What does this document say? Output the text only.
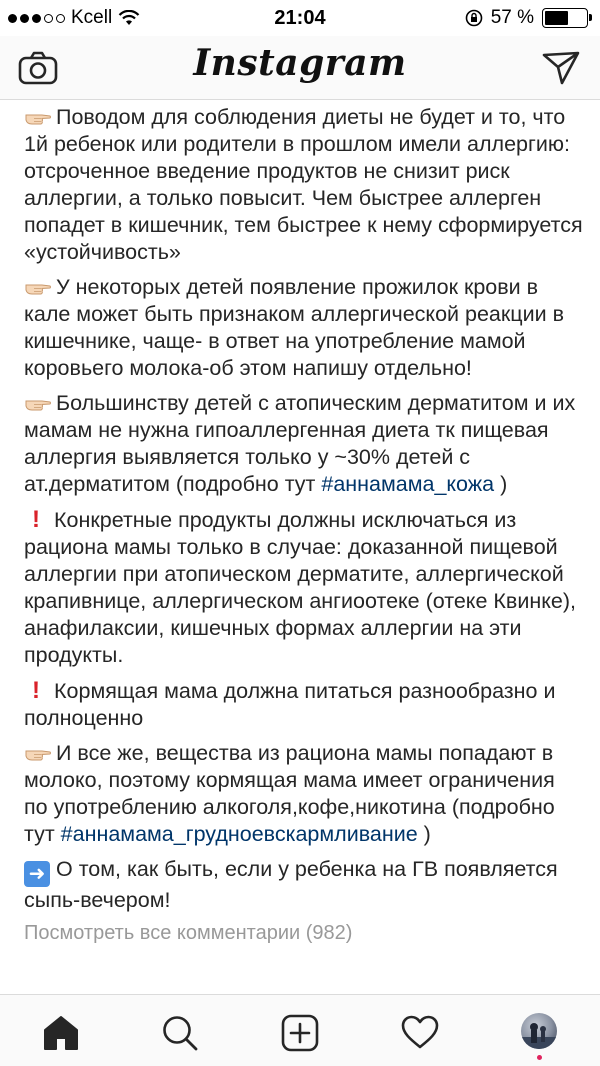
Kcell	21:04	57 %
Instagram
Поводом для соблюдения диеты не будет и то, что 1й ребенок или родители в прошлом имели аллергию: отсроченное введение продуктов не снизит риск аллергии, а только повысит. Чем быстрее аллерген попадет в кишечник, тем быстрее к нему сформируется «устойчивость»
У некоторых детей появление прожилок крови в кале может быть признаком аллергической реакции в кишечнике, чаще- в ответ на употребление мамой коровьего молока-об этом напишу отдельно!
Большинству детей с атопическим дерматитом и их мамам не нужна гипоаллергенная диета тк пищевая аллергия выявляется только у ~30% детей с ат.дерматитом (подробно тут #аннамама_кожа )
! Конкретные продукты должны исключаться из рациона мамы только в случае: доказанной пищевой аллергии при атопическом дерматите, аллергической крапивнице, аллергическом ангиоотеке (отеке Квинке), анафилаксии, кишечных формах аллергии на эти продукты.
! Кормящая мама должна питаться разнообразно и полноценно
И все же, вещества из рациона мамы попадают в молоко, поэтому кормящая мама имеет ограничения по употреблению алкоголя,кофе,никотина (подробно тут #аннамама_грудноевскармливание )
➜ О том, как быть, если у ребенка на ГВ появляется сыпь-вечером!
Посмотреть все комментарии (982)
